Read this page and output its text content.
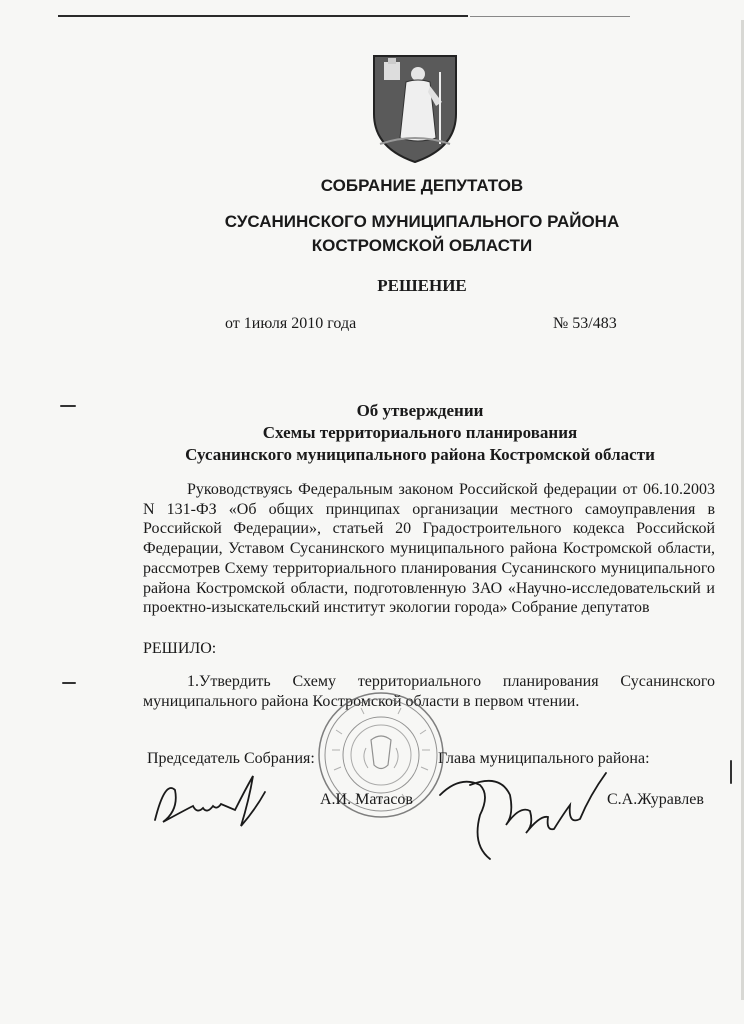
СОБРАНИЕ ДЕПУТАТОВ
СУСАНИНСКОГО МУНИЦИПАЛЬНОГО РАЙОНА
КОСТРОМСКОЙ ОБЛАСТИ
РЕШЕНИЕ
от 1июля 2010 года	№ 53/483
Об утверждении
Схемы территориального планирования
Сусанинского муниципального района Костромской области
Руководствуясь Федеральным законом Российской федерации от 06.10.2003 N 131-ФЗ «Об общих принципах организации местного самоуправления в Российской Федерации», статьей 20 Градостроительного кодекса Российской Федерации, Уставом Сусанинского муниципального района Костромской области, рассмотрев Схему территориального планирования Сусанинского муниципального района Костромской области, подготовленную ЗАО «Научно-исследовательский и проектно-изыскательский институт экологии города» Собрание депутатов
РЕШИЛО:
1.Утвердить Схему территориального планирования Сусанинского муниципального района Костромской области в первом чтении.
Председатель Собрания:	Глава муниципального района:
А.И. Матасов	С.А.Журавлев
